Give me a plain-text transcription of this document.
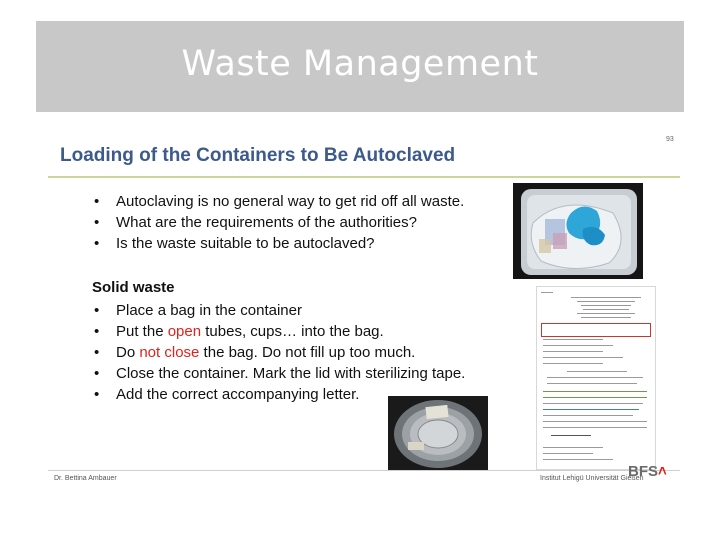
Waste Management
93
Loading of the Containers to Be Autoclaved
• Autoclaving is no general way to get rid off all waste.
• What are the requirements of the authorities?
• Is the waste suitable to be autoclaved?
Solid waste
• Place a bag in the container
• Put the open tubes, cups… into the bag.
• Do not close the bag. Do not fill up too much.
• Close the container. Mark the lid with sterilizing tape.
• Add the correct accompanying letter.
Dr. Bettina Ambauer	Institut Lehigü Universität Gießen
BFS˄
